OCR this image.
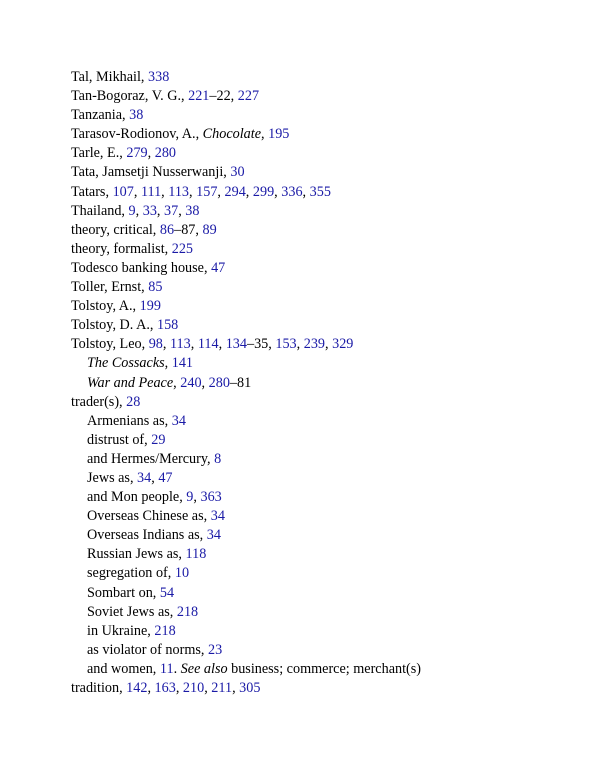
Tal, Mikhail, 338
Tan-Bogoraz, V. G., 221–22, 227
Tanzania, 38
Tarasov-Rodionov, A., Chocolate, 195
Tarle, E., 279, 280
Tata, Jamsetji Nusserwanji, 30
Tatars, 107, 111, 113, 157, 294, 299, 336, 355
Thailand, 9, 33, 37, 38
theory, critical, 86–87, 89
theory, formalist, 225
Todesco banking house, 47
Toller, Ernst, 85
Tolstoy, A., 199
Tolstoy, D. A., 158
Tolstoy, Leo, 98, 113, 114, 134–35, 153, 239, 329
The Cossacks, 141
War and Peace, 240, 280–81
trader(s), 28
Armenians as, 34
distrust of, 29
and Hermes/Mercury, 8
Jews as, 34, 47
and Mon people, 9, 363
Overseas Chinese as, 34
Overseas Indians as, 34
Russian Jews as, 118
segregation of, 10
Sombart on, 54
Soviet Jews as, 218
in Ukraine, 218
as violator of norms, 23
and women, 11. See also business; commerce; merchant(s)
tradition, 142, 163, 210, 211, 305
